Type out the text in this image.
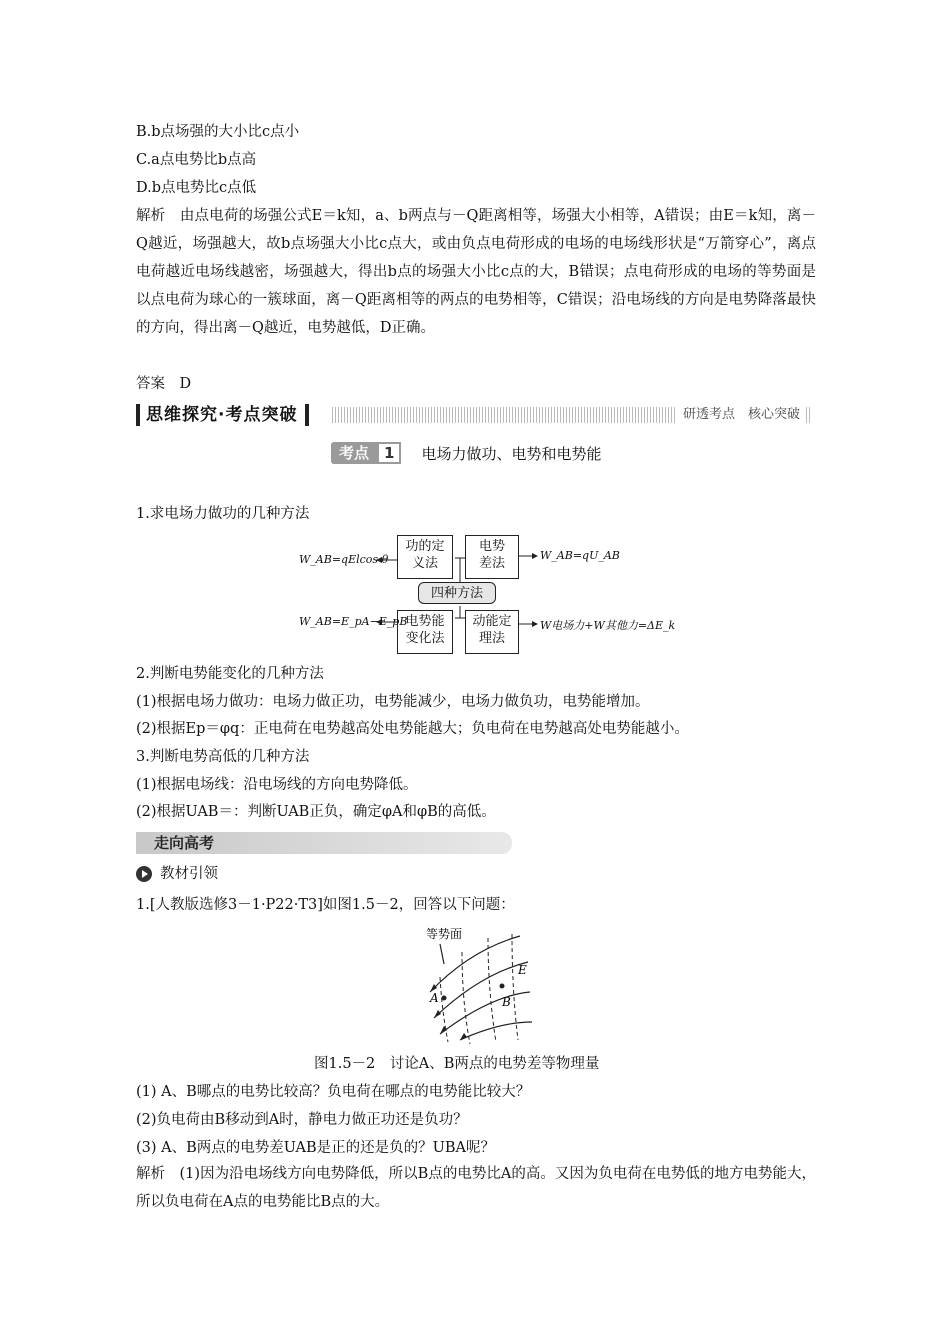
B.b点场强的大小比c点小
C.a点电势比b点高
D.b点电势比c点低
解析　由点电荷的场强公式E＝k知，a、b两点与－Q距离相等，场强大小相等，A错误；由E＝k知，离－Q越近，场强越大，故b点场强大小比c点大，或由负点电荷形成的电场的电场线形状是“万箭穿心”，离点电荷越近电场线越密，场强越大，得出b点的场强大小比c点的大，B错误；点电荷形成的电场的等势面是以点电荷为球心的一簇球面，离－Q距离相等的两点的电势相等，C错误；沿电场线的方向是电势降落最快的方向，得出离－Q越近，电势越低，D正确。
答案　D
思维探究·考点突破	研透考点　核心突破
考点	1	电场力做功、电势和电势能
1.求电场力做功的几种方法
功的定
义法
电势
差法
四种方法
电势能
变化法
动能定
理法
W_AB=qElcos θ	W_AB=qU_AB
W_AB=E_pA−E_pB	W电场力+W其他力=ΔE_k
2.判断电势能变化的几种方法
(1)根据电场力做功：电场力做正功，电势能减少，电场力做负功，电势能增加。
(2)根据Ep＝φq：正电荷在电势越高处电势能越大；负电荷在电势越高处电势能越小。
3.判断电势高低的几种方法
(1)根据电场线：沿电场线的方向电势降低。
(2)根据UAB＝：判断UAB正负，确定φA和φB的高低。
走向高考
教材引领
1.[人教版选修3－1·P22·T3]如图1.5－2，回答以下问题：
等势面
E
A	B
图1.5－2　讨论A、B两点的电势差等物理量
(1) A、B哪点的电势比较高？负电荷在哪点的电势能比较大？
(2)负电荷由B移动到A时，静电力做正功还是负功？
(3) A、B两点的电势差UAB是正的还是负的？UBA呢？
解析　(1)因为沿电场线方向电势降低，所以B点的电势比A的高。又因为负电荷在电势低的地方电势能大，所以负电荷在A点的电势能比B点的大。
